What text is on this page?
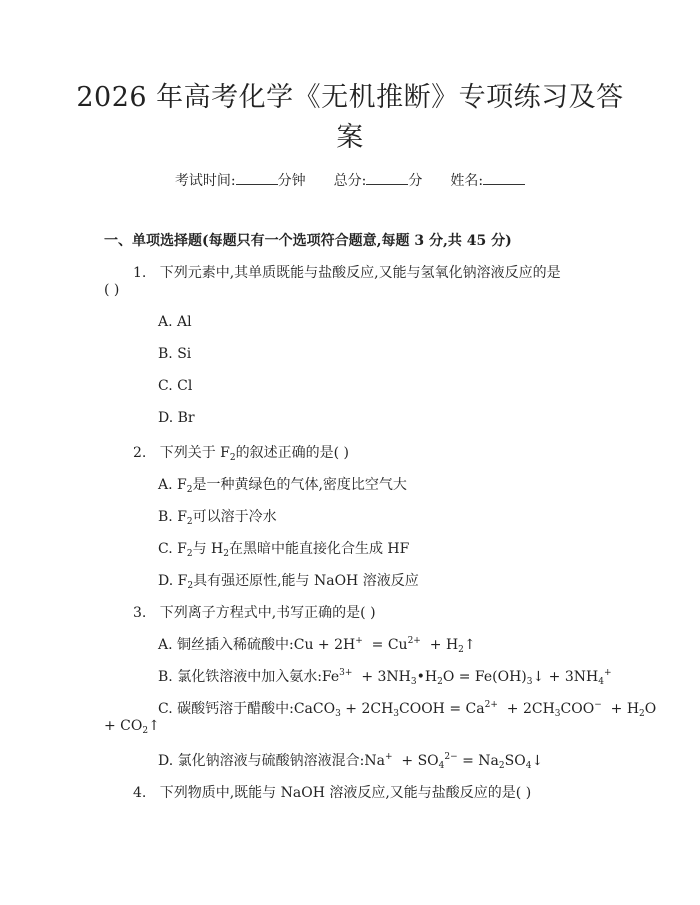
2026 年高考化学《无机推断》专项练习及答
案
考试时间:	分钟 总分:	分 姓名:
一、单项选择题(每题只有一个选项符合题意,每题 3 分,共 45 分)
1. 下列元素中,其单质既能与盐酸反应,又能与氢氧化钠溶液反应的是
( )
A. Al
B. Si
C. Cl
D. Br
2. 下列关于 $F_2$的叙述正确的是( )
A. $F_2$是一种黄绿色的气体,密度比空气大
B. $F_2$可以溶于冷水
C. $F_2$与 $H_2$在黑暗中能直接化合生成 HF
D. $F_2$具有强还原性,能与 NaOH 溶液反应
3. 下列离子方程式中,书写正确的是( )
A. 铜丝插入稀硫酸中:Cu + $2H^+ = Cu^{2+}$ + $H_2↑$
B. 氯化铁溶液中加入氨水$:Fe^{3+}$ + $3NH_3•H_2O$ = $Fe(OH)_3↓ + 3NH_4^+$
C. 碳酸钙溶于醋酸中:CaCO$_3$ + $2CH_3COOH = Ca^{2+} + 2CH_3COO^- + H_2O$
+ $CO_2↑$
D. 氯化钠溶液与硫酸钠溶液混合:Na+ + $SO_4^{2-}$ = $Na_2SO_4↓$
4. 下列物质中,既能与 NaOH 溶液反应,又能与盐酸反应的是( )
